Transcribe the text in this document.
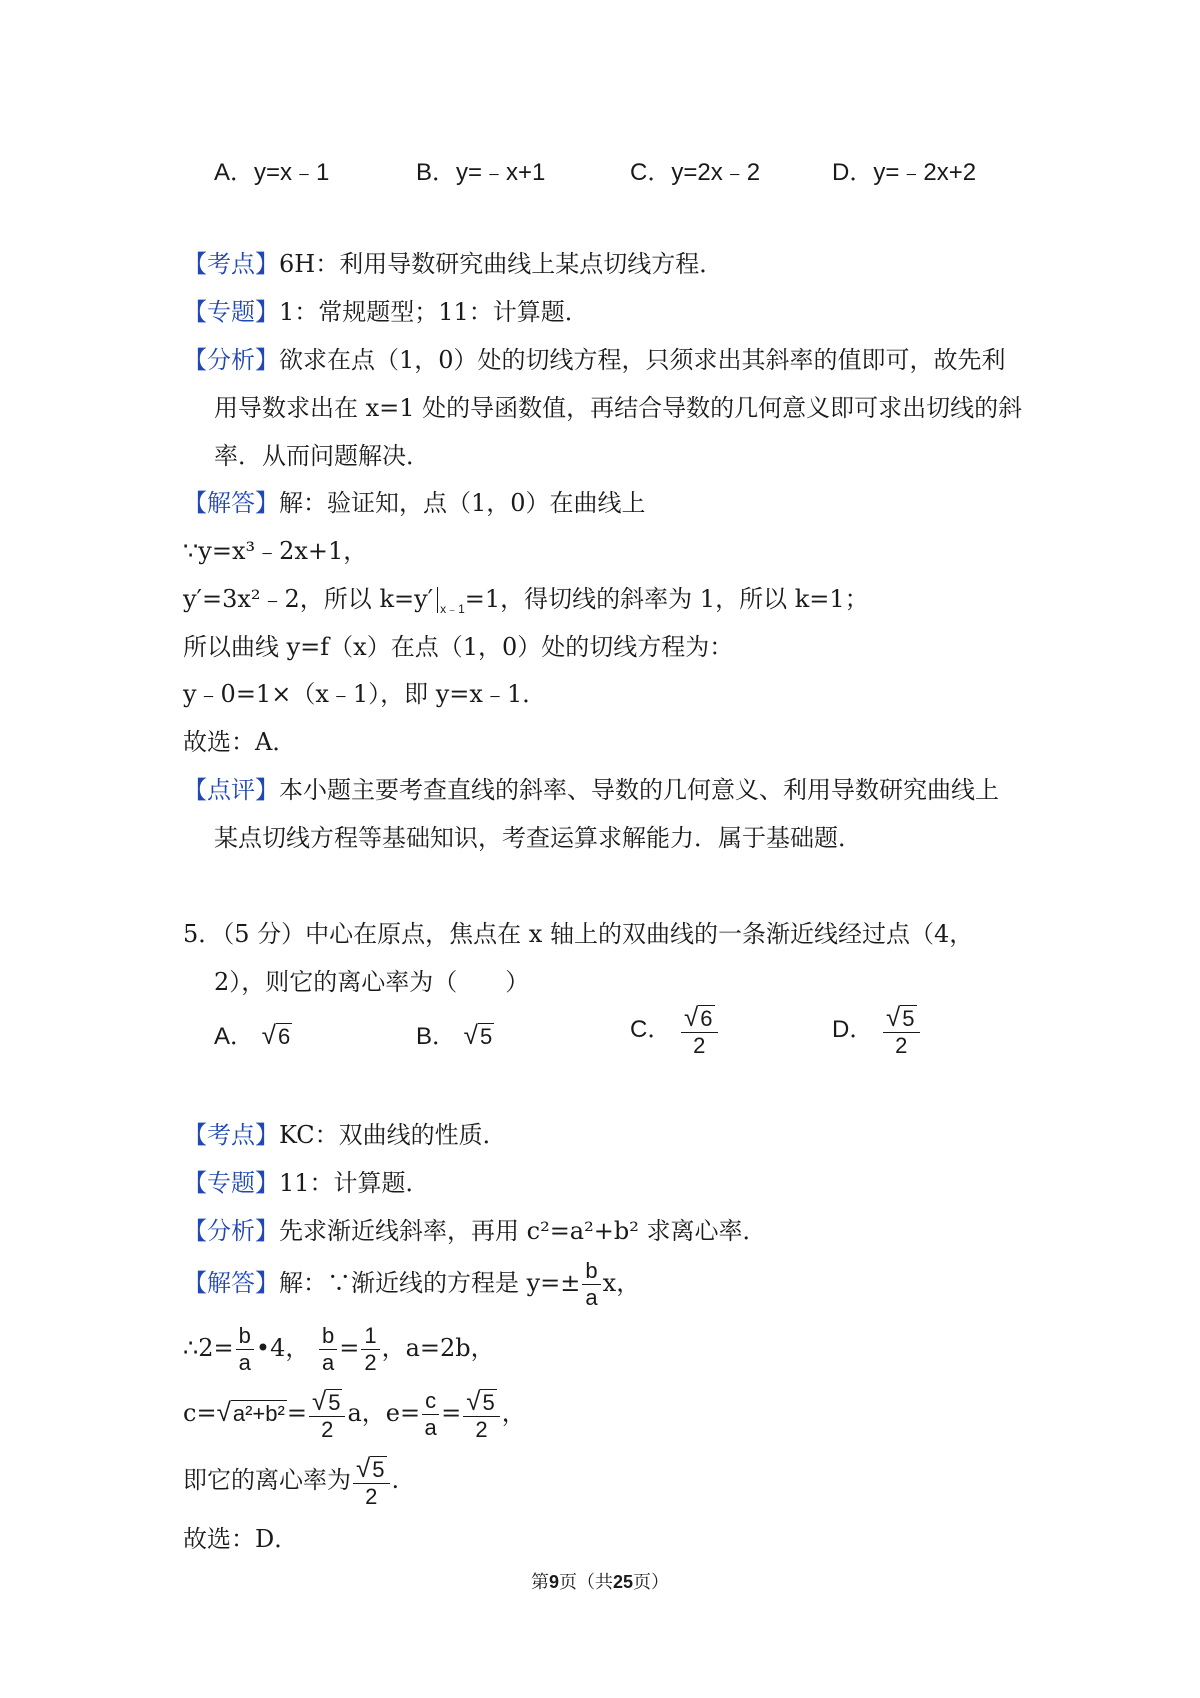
A．y=x﹣1	B．y=﹣x+1	C．y=2x﹣2	D．y=﹣2x+2
【考点】6H：利用导数研究曲线上某点切线方程．
【专题】1：常规题型；11：计算题．
【分析】欲求在点（1，0）处的切线方程，只须求出其斜率的值即可，故先利
用导数求出在 x=1 处的导函数值，再结合导数的几何意义即可求出切线的斜
率．从而问题解决．
【解答】解：验证知，点（1，0）在曲线上
∵y=x³﹣2x+1，
y′=3x²﹣2，所以 k=y′ $_{x﹣1}$=1，得切线的斜率为 1，所以 k=1；
所以曲线 y=f（x）在点（1，0）处的切线方程为：
y﹣0=1×（x﹣1），即 y=x﹣1．
故选：A．
【点评】本小题主要考查直线的斜率、导数的几何意义、利用导数研究曲线上
某点切线方程等基础知识，考查运算求解能力．属于基础题．
5．（5 分）中心在原点，焦点在 x 轴上的双曲线的一条渐近线经过点（4，
2），则它的离心率为（　　）
A． √6	B． √5	C． $\frac{√6}{2}$	D． $\frac{√5}{2}$
【考点】KC：双曲线的性质．
【专题】11：计算题．
【分析】先求渐近线斜率，再用 c²=a²+b² 求离心率．
【解答】解：∵渐近线的方程是 $y=\pm \frac{b}{a}$ x，
∴2= $\frac{b}{a}$ •4， $\frac{b}{a} = \frac{1}{2}$ ，a=2b，
$c=√a^2+b^2= \frac{√5}{2}$ a，$e= \frac{c}{a} = \frac{√5}{2}$ ，
即它的离心率为 $\frac{√5}{2}$ .
故选：D．
第9页（共25页）
